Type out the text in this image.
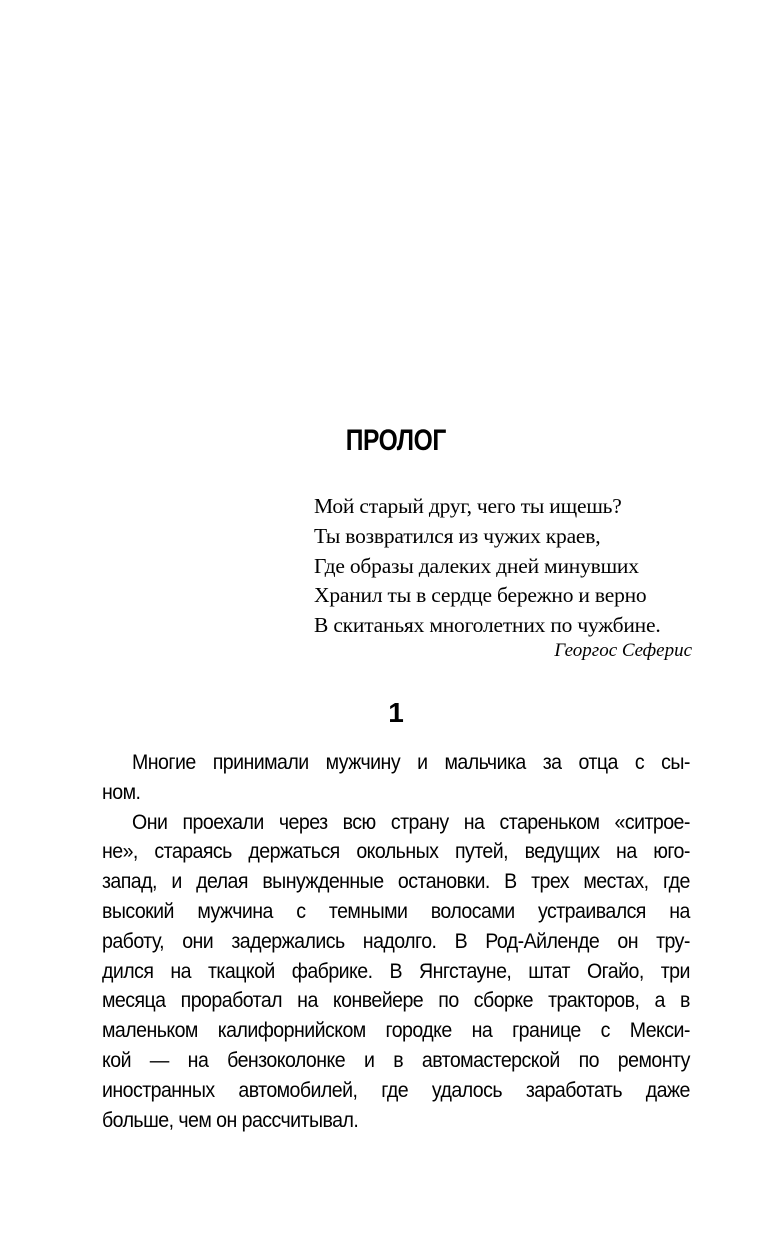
ПРОЛОГ
Мой старый друг, чего ты ищешь?
Ты возвратился из чужих краев,
Где образы далеких дней минувших
Хранил ты в сердце бережно и верно
В скитаньях многолетних по чужбине.
Георгос Сеферис
1
Многие принимали мужчину и мальчика за отца с сы-
ном.
Они проехали через всю страну на стареньком «ситрое-
не», стараясь держаться окольных путей, ведущих на юго-
запад, и делая вынужденные остановки. В трех местах, где
высокий мужчина с темными волосами устраивался на
работу, они задержались надолго. В Род-Айленде он тру-
дился на ткацкой фабрике. В Янгстауне, штат Огайо, три
месяца проработал на конвейере по сборке тракторов, а в
маленьком калифорнийском городке на границе с Мекси-
кой — на бензоколонке и в автомастерской по ремонту
иностранных автомобилей, где удалось заработать даже
больше, чем он рассчитывал.
